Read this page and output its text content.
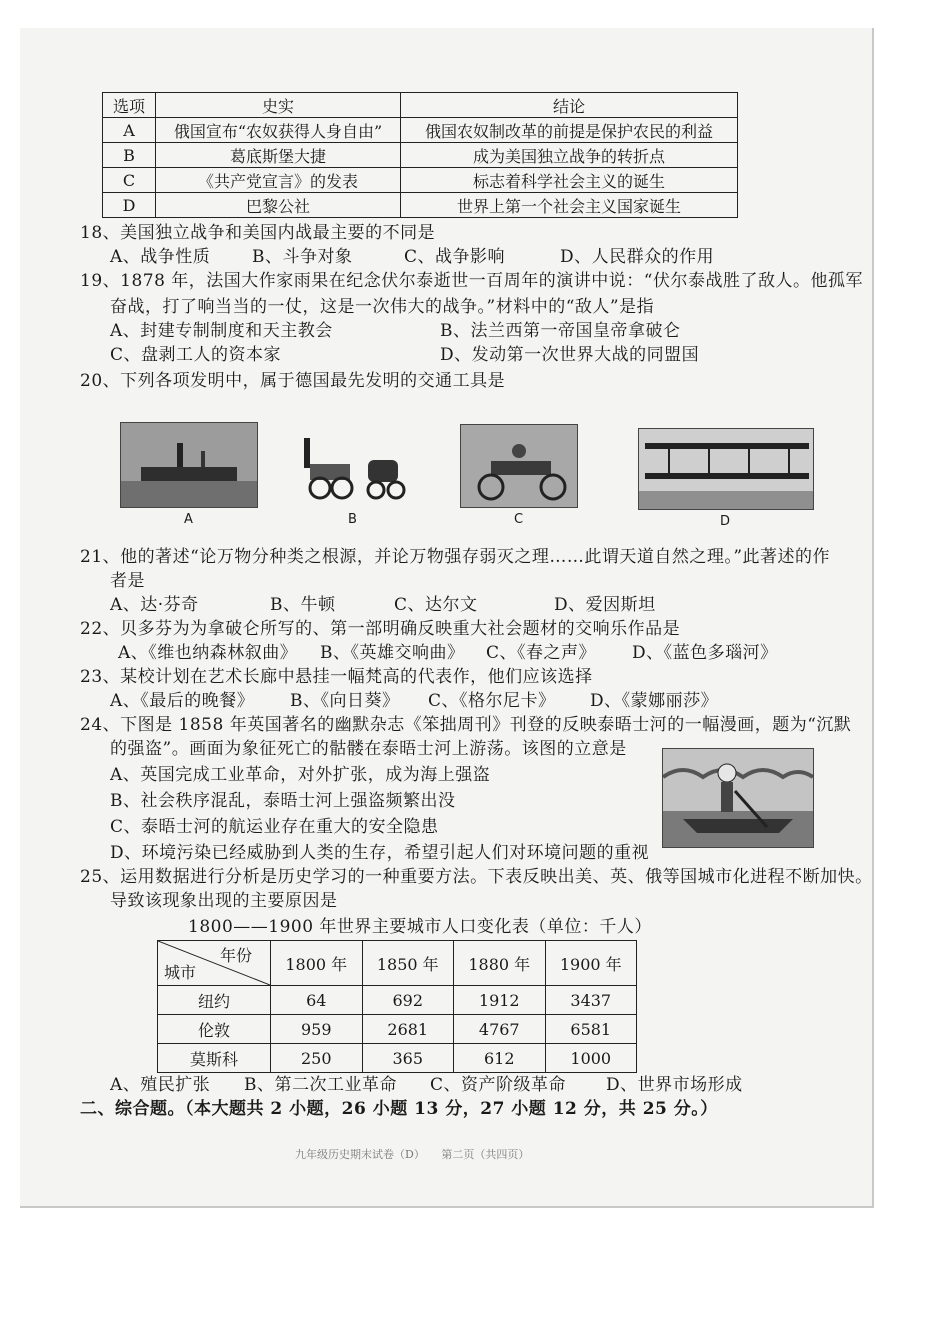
选项	史实	结论
A	俄国宣布“农奴获得人身自由”	俄国农奴制改革的前提是保护农民的利益
B	葛底斯堡大捷	成为美国独立战争的转折点
C	《共产党宣言》的发表	标志着科学社会主义的诞生
D	巴黎公社	世界上第一个社会主义国家诞生
18、美国独立战争和美国内战最主要的不同是
A、战争性质 B、斗争对象	C、战争影响	D、人民群众的作用
19、1878 年，法国大作家雨果在纪念伏尔泰逝世一百周年的演讲中说：“伏尔泰战胜了敌人。他孤军
奋战，打了响当当的一仗，这是一次伟大的战争。”材料中的“敌人”是指
A、封建专制制度和天主教会	B、法兰西第一帝国皇帝拿破仑
C、盘剥工人的资本家	D、发动第一次世界大战的同盟国
20、下列各项发明中，属于德国最先发明的交通工具是
A	B	C	D
21、他的著述“论万物分种类之根源，并论万物强存弱灭之理……此谓天道自然之理。”此著述的作
者是
A、达·芬奇	B、牛顿	C、达尔文	D、爱因斯坦
22、贝多芬为为拿破仑所写的、第一部明确反映重大社会题材的交响乐作品是
A、《维也纳森林叙曲》 B、《英雄交响曲》 C、《春之声》 D、《蓝色多瑙河》
23、某校计划在艺术长廊中悬挂一幅梵高的代表作，他们应该选择
A、《最后的晚餐》 B、《向日葵》 C、《格尔尼卡》 D、《蒙娜丽莎》
24、下图是 1858 年英国著名的幽默杂志《笨拙周刊》刊登的反映泰晤士河的一幅漫画，题为“沉默
的强盗”。画面为象征死亡的骷髅在泰晤士河上游荡。该图的立意是
A、英国完成工业革命，对外扩张，成为海上强盗
B、社会秩序混乱，泰晤士河上强盗频繁出没
C、泰晤士河的航运业存在重大的安全隐患
D、环境污染已经威胁到人类的生存，希望引起人们对环境问题的重视
25、运用数据进行分析是历史学习的一种重要方法。下表反映出美、英、俄等国城市化进程不断加快。
导致该现象出现的主要原因是
1800——1900 年世界主要城市人口变化表（单位：千人）
年份
城市	1800 年	1850 年	1880 年	1900 年
纽约	64	692	1912	3437
伦敦	959	2681	4767	6581
莫斯科	250	365	612	1000
A、殖民扩张 B、第二次工业革命 C、资产阶级革命 D、世界市场形成
二、综合题。（本大题共 2 小题，26 小题 13 分，27 小题 12 分，共 25 分。）
九年级历史期末试卷（D）　　第二页（共四页）
